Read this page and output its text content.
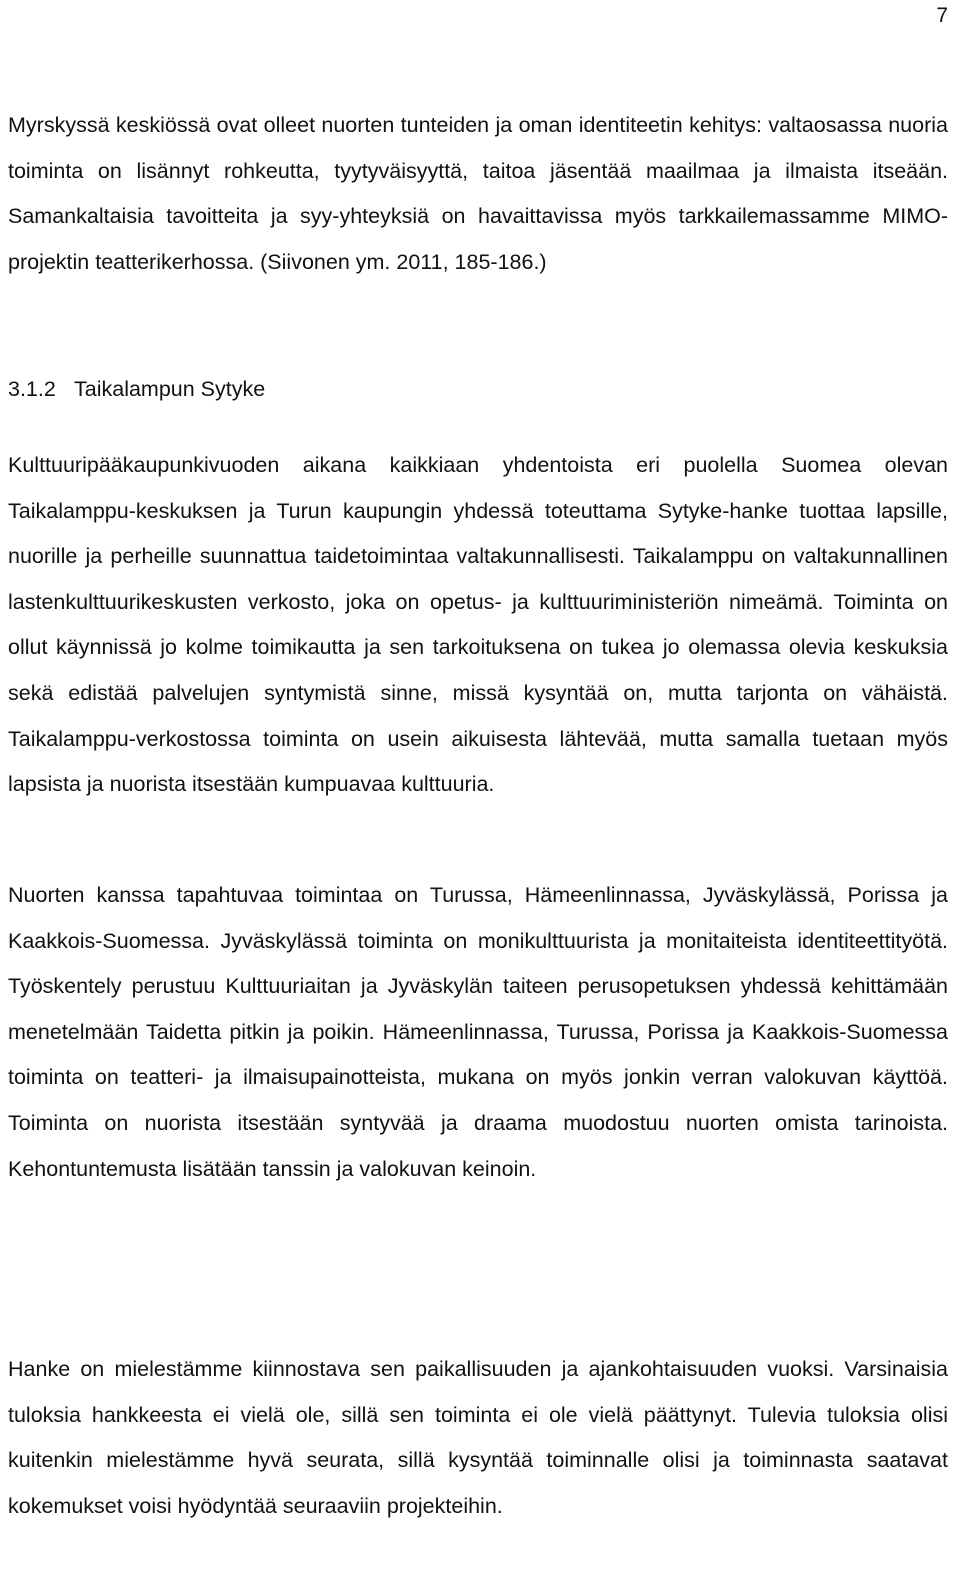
7

Myrskyssä keskiössä ovat olleet nuorten tunteiden ja oman identiteetin kehitys: valtaosassa nuoria toiminta on lisännyt rohkeutta, tyytyväisyyttä, taitoa jäsentää maailmaa ja ilmaista itseään. Samankaltaisia tavoitteita ja syy-yhteyksiä on havaittavissa myös tarkkailemassamme MIMO-projektin teatterikerhossa. (Siivonen ym. 2011, 185-186.)

3.1.2 Taikalampun Sytyke

Kulttuuripääkaupunkivuoden aikana kaikkiaan yhdentoista eri puolella Suomea olevan Taikalamppu-keskuksen ja Turun kaupungin yhdessä toteuttama Sytyke-hanke tuottaa lapsille, nuorille ja perheille suunnattua taidetoimintaa valtakunnallisesti. Taikalamppu on valtakunnallinen lastenkulttuurikeskusten verkosto, joka on opetus- ja kulttuuriministeriön nimeämä. Toiminta on ollut käynnissä jo kolme toimikautta ja sen tarkoituksena on tukea jo olemassa olevia keskuksia sekä edistää palvelujen syntymistä sinne, missä kysyntää on, mutta tarjonta on vähäistä. Taikalamppu-verkostossa toiminta on usein aikuisesta lähtevää, mutta samalla tuetaan myös lapsista ja nuorista itsestään kumpuavaa kulttuuria.

Nuorten kanssa tapahtuvaa toimintaa on Turussa, Hämeenlinnassa, Jyväskylässä, Porissa ja Kaakkois-Suomessa. Jyväskylässä toiminta on monikulttuurista ja monitaiteista identiteettityötä. Työskentely perustuu Kulttuuriaitan ja Jyväskylän taiteen perusopetuksen yhdessä kehittämään menetelmään Taidetta pitkin ja poikin. Hämeenlinnassa, Turussa, Porissa ja Kaakkois-Suomessa toiminta on teatteri- ja ilmaisupainotteista, mukana on myös jonkin verran valokuvan käyttöä. Toiminta on nuorista itsestään syntyvää ja draama muodostuu nuorten omista tarinoista. Kehontuntemusta lisätään tanssin ja valokuvan keinoin.

Hanke on mielestämme kiinnostava sen paikallisuuden ja ajankohtaisuuden vuoksi. Varsinaisia tuloksia hankkeesta ei vielä ole, sillä sen toiminta ei ole vielä päättynyt. Tulevia tuloksia olisi kuitenkin mielestämme hyvä seurata, sillä kysyntää toiminnalle olisi ja toiminnasta saatavat kokemukset voisi hyödyntää seuraaviin projekteihin.
